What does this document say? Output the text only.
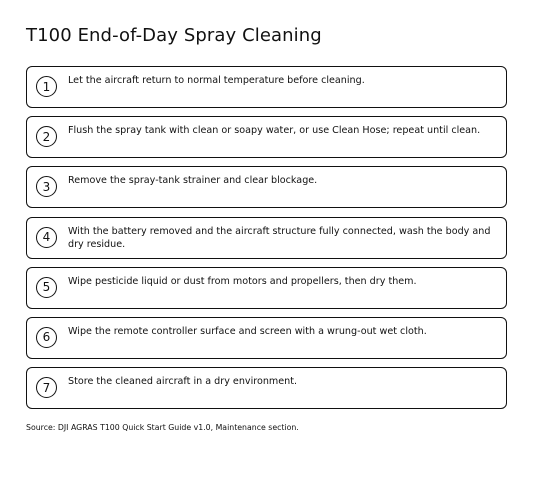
T100 End-of-Day Spray Cleaning
1	Let the aircraft return to normal temperature before cleaning.
2	Flush the spray tank with clean or soapy water, or use Clean Hose; repeat until clean.
3	Remove the spray-tank strainer and clear blockage.
4	With the battery removed and the aircraft structure fully connected, wash the body and dry residue.
5	Wipe pesticide liquid or dust from motors and propellers, then dry them.
6	Wipe the remote controller surface and screen with a wrung-out wet cloth.
7	Store the cleaned aircraft in a dry environment.
Source: DJI AGRAS T100 Quick Start Guide v1.0, Maintenance section.
